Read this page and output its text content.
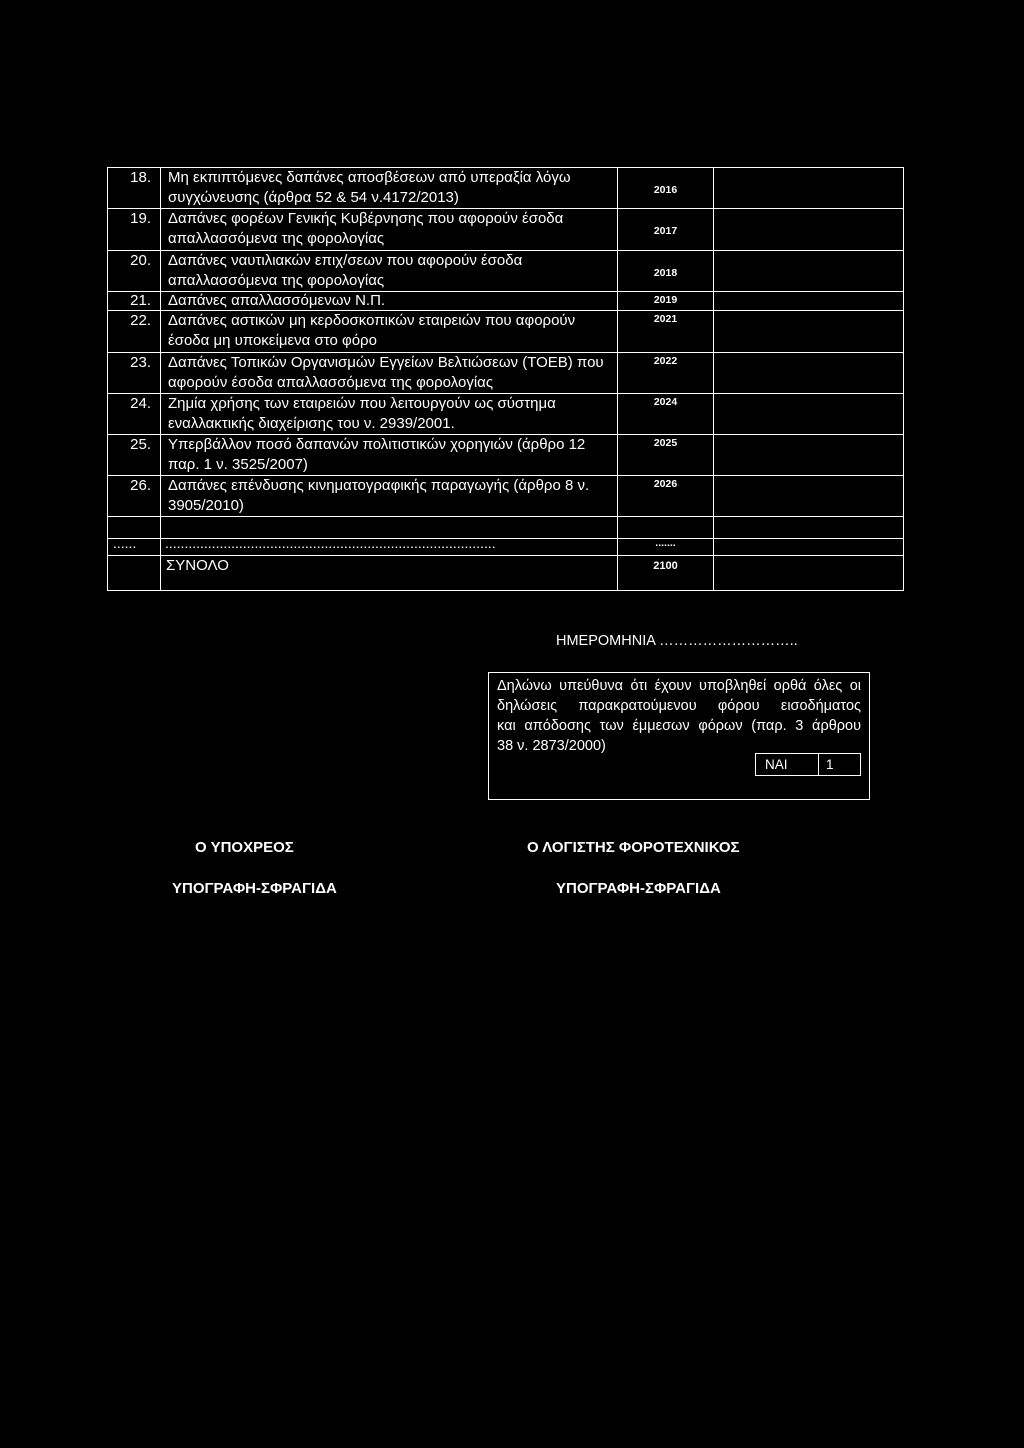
18.	Μη εκπιπτόμενες δαπάνες αποσβέσεων από υπεραξία λόγω
συγχώνευσης (άρθρα 52 & 54 ν.4172/2013)	2016
19.	Δαπάνες φορέων Γενικής Κυβέρνησης που αφορούν έσοδα
απαλλασσόμενα της φορολογίας	2017
20.	Δαπάνες ναυτιλιακών επιχ/σεων που αφορούν έσοδα
απαλλασσόμενα της φορολογίας	2018
21.	Δαπάνες απαλλασσόμενων Ν.Π.	2019
22.	Δαπάνες αστικών μη κερδοσκοπικών εταιρειών που αφορούν
έσοδα μη υποκείμενα στο φόρο
2021
23.	Δαπάνες Τοπικών Οργανισμών Εγγείων Βελτιώσεων (ΤΟΕΒ) που
αφορούν έσοδα απαλλασσόμενα της φορολογίας
2022
24.	Ζημία χρήσης των εταιρειών που λειτουργούν ως σύστημα
εναλλακτικής διαχείρισης του ν. 2939/2001.
2024
25.	Υπερβάλλον ποσό δαπανών πολιτιστικών χορηγιών (άρθρο 12
παρ. 1 ν. 3525/2007)
2025
26.	Δαπάνες επένδυσης κινηματογραφικής παραγωγής (άρθρο 8 ν.
3905/2010)
2026
......	.....................................................................................	.......
ΣΥΝΟΛΟ	2100
ΗΜΕΡΟΜΗΝΙΑ ………………………..
Δηλώνω υπεύθυνα ότι έχουν υποβληθεί ορθά όλες οι
δηλώσεις παρακρατούμενου φόρου εισοδήματος
και απόδοσης των έμμεσων φόρων (παρ. 3 άρθρου
38 ν. 2873/2000)
ΝΑΙ	1
Ο ΥΠΟΧΡΕΟΣ
ΥΠΟΓΡΑΦΗ-ΣΦΡΑΓΙΔΑ
Ο ΛΟΓΙΣΤΗΣ ΦΟΡΟΤΕΧΝΙΚΟΣ
ΥΠΟΓΡΑΦΗ-ΣΦΡΑΓΙΔΑ
